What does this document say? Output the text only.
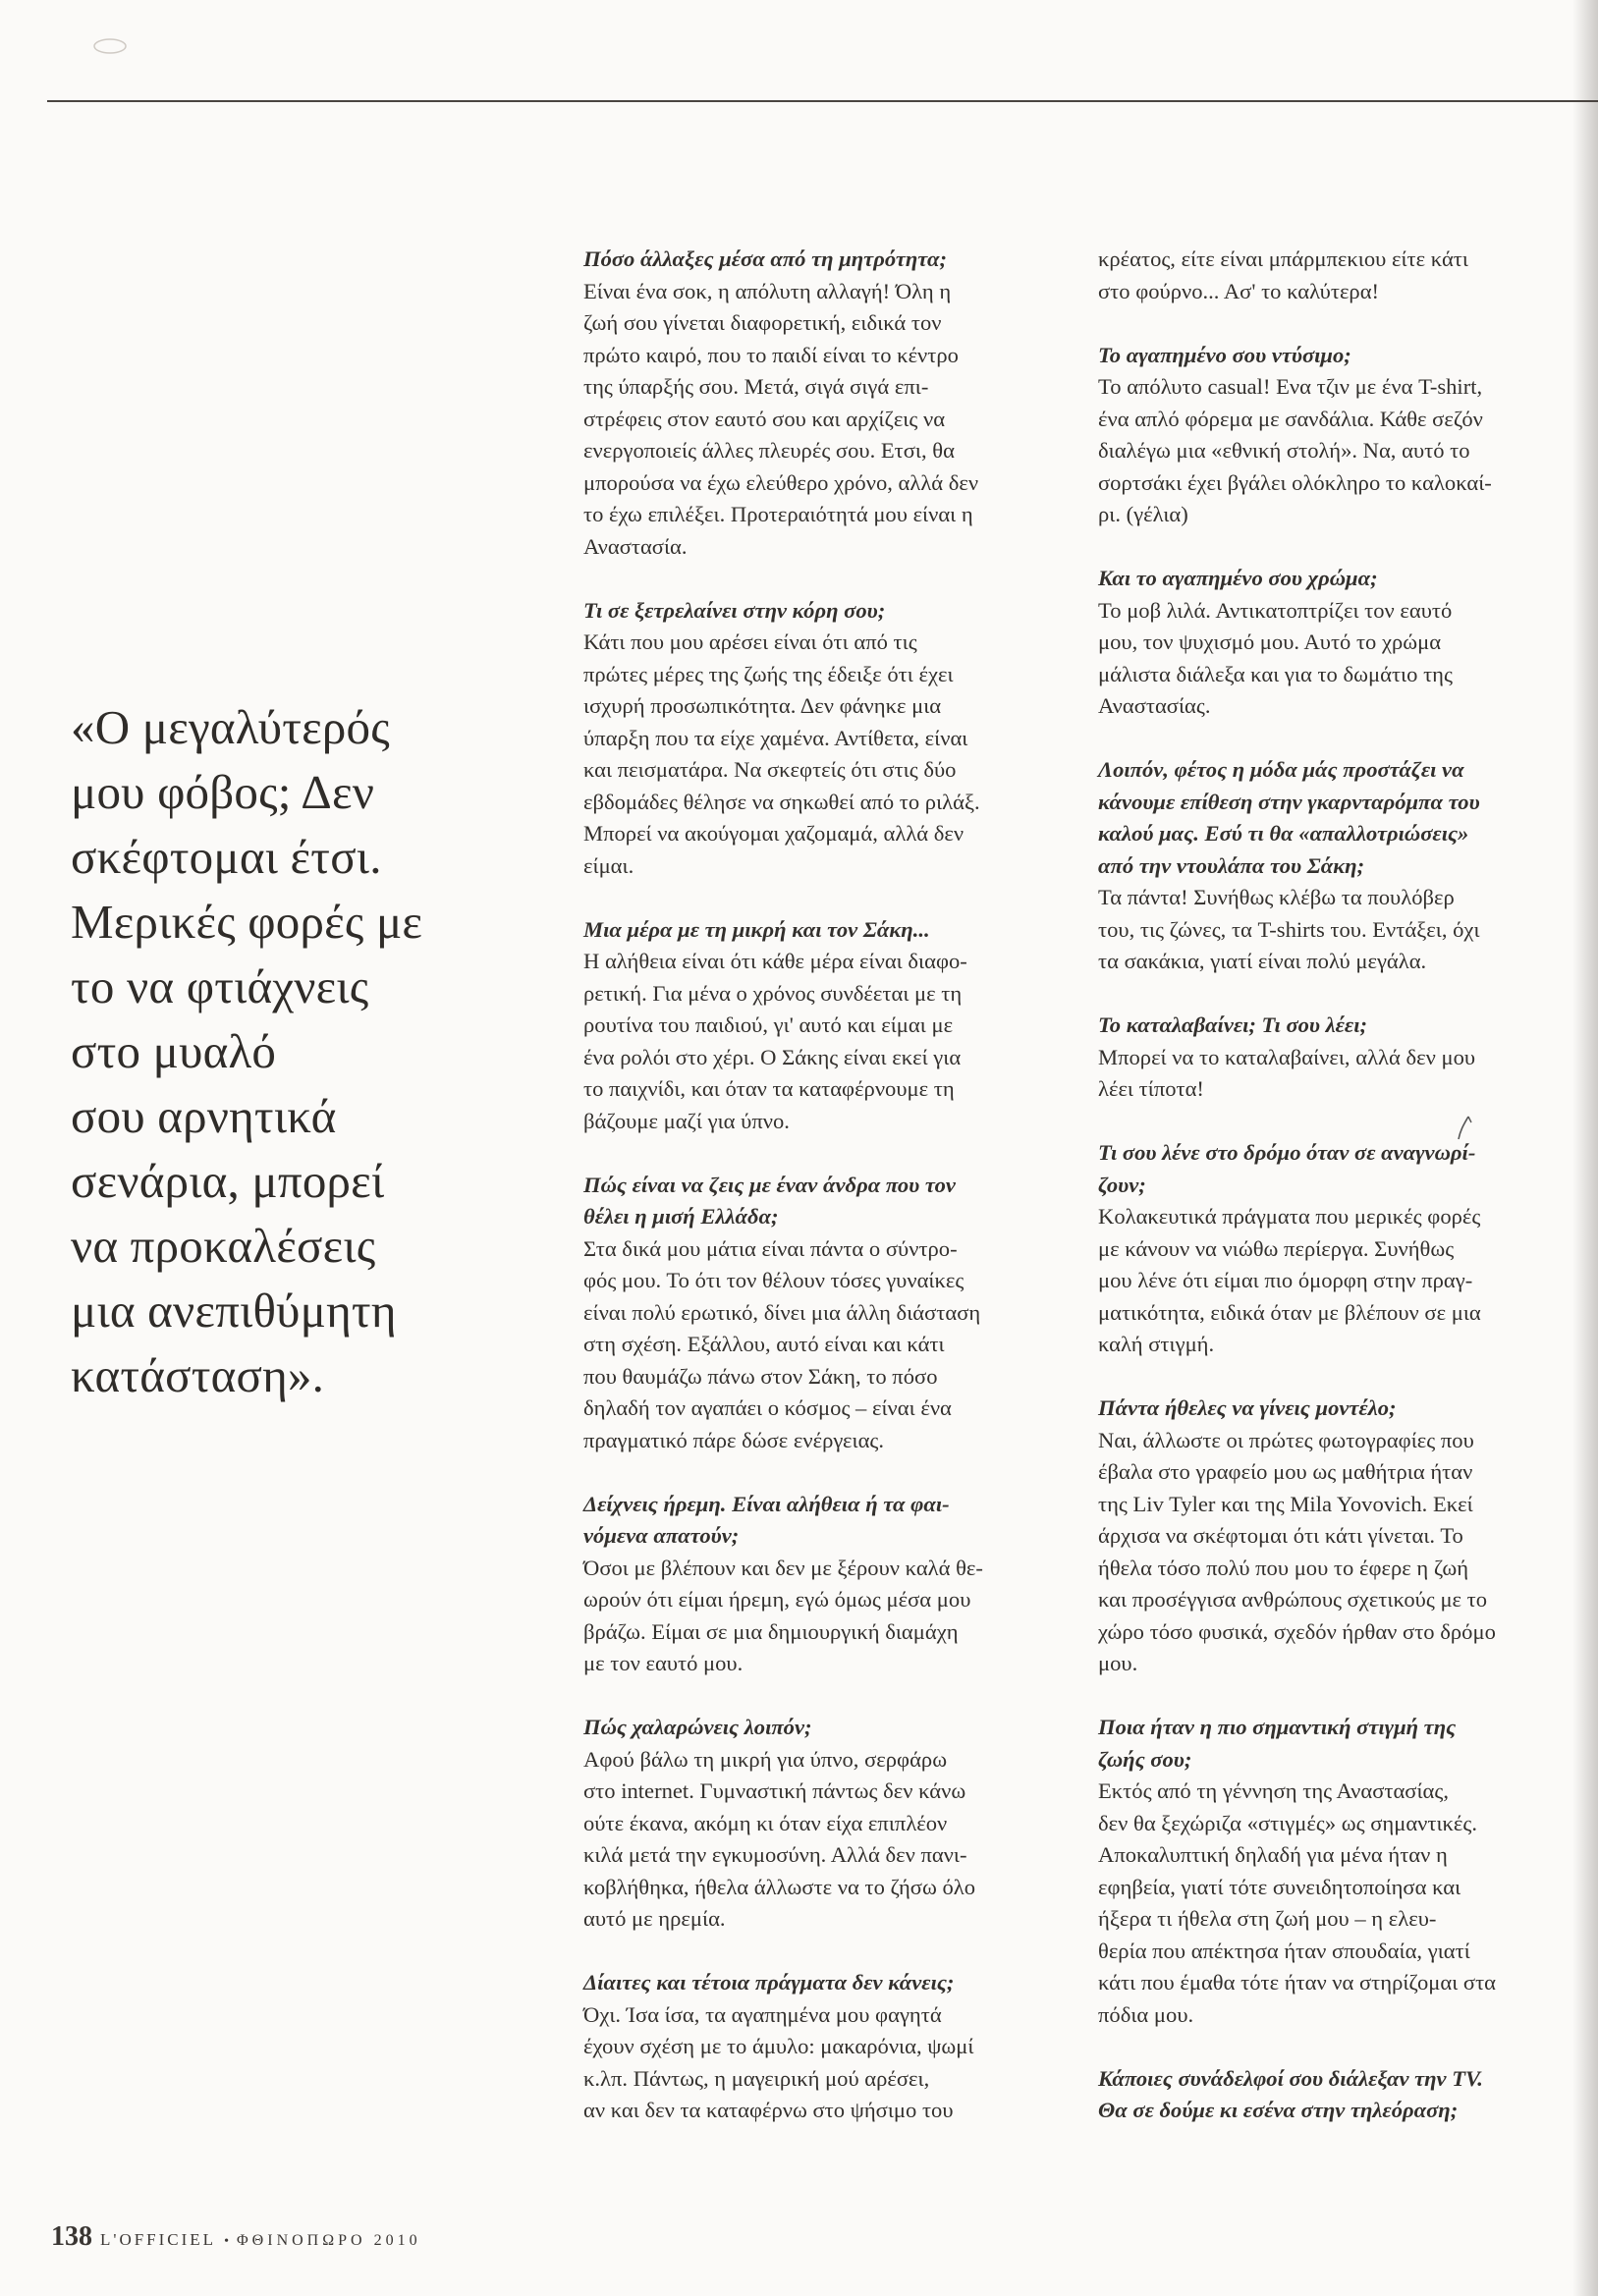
«Ο μεγαλύτερός
μου φόβος; Δεν
σκέφτομαι έτσι.
Μερικές φορές με
το να φτιάχνεις
στο μυαλό
σου αρνητικά
σενάρια, μπορεί
να προκαλέσεις
μια ανεπιθύμητη
κατάσταση».
Πόσο άλλαξες μέσα από τη μητρότητα;
Είναι ένα σοκ, η απόλυτη αλλαγή! Όλη η
ζωή σου γίνεται διαφορετική, ειδικά τον
πρώτο καιρό, που το παιδί είναι το κέντρο
της ύπαρξής σου. Μετά, σιγά σιγά επι-
στρέφεις στον εαυτό σου και αρχίζεις να
ενεργοποιείς άλλες πλευρές σου. Ετσι, θα
μπορούσα να έχω ελεύθερο χρόνο, αλλά δεν
το έχω επιλέξει. Προτεραιότητά μου είναι η
Αναστασία.
Τι σε ξετρελαίνει στην κόρη σου;
Κάτι που μου αρέσει είναι ότι από τις
πρώτες μέρες της ζωής της έδειξε ότι έχει
ισχυρή προσωπικότητα. Δεν φάνηκε μια
ύπαρξη που τα είχε χαμένα. Αντίθετα, είναι
και πεισματάρα. Να σκεφτείς ότι στις δύο
εβδομάδες θέλησε να σηκωθεί από το ριλάξ.
Μπορεί να ακούγομαι χαζομαμά, αλλά δεν
είμαι.
Μια μέρα με τη μικρή και τον Σάκη...
Η αλήθεια είναι ότι κάθε μέρα είναι διαφο-
ρετική. Για μένα ο χρόνος συνδέεται με τη
ρουτίνα του παιδιού, γι' αυτό και είμαι με
ένα ρολόι στο χέρι. Ο Σάκης είναι εκεί για
το παιχνίδι, και όταν τα καταφέρνουμε τη
βάζουμε μαζί για ύπνο.
Πώς είναι να ζεις με έναν άνδρα που τον
θέλει η μισή Ελλάδα;
Στα δικά μου μάτια είναι πάντα ο σύντρο-
φός μου. Το ότι τον θέλουν τόσες γυναίκες
είναι πολύ ερωτικό, δίνει μια άλλη διάσταση
στη σχέση. Εξάλλου, αυτό είναι και κάτι
που θαυμάζω πάνω στον Σάκη, το πόσο
δηλαδή τον αγαπάει ο κόσμος – είναι ένα
πραγματικό πάρε δώσε ενέργειας.
Δείχνεις ήρεμη. Είναι αλήθεια ή τα φαι-
νόμενα απατούν;
Όσοι με βλέπουν και δεν με ξέρουν καλά θε-
ωρούν ότι είμαι ήρεμη, εγώ όμως μέσα μου
βράζω. Είμαι σε μια δημιουργική διαμάχη
με τον εαυτό μου.
Πώς χαλαρώνεις λοιπόν;
Αφού βάλω τη μικρή για ύπνο, σερφάρω
στο internet. Γυμναστική πάντως δεν κάνω
ούτε έκανα, ακόμη κι όταν είχα επιπλέον
κιλά μετά την εγκυμοσύνη. Αλλά δεν πανι-
κοβλήθηκα, ήθελα άλλωστε να το ζήσω όλο
αυτό με ηρεμία.
Δίαιτες και τέτοια πράγματα δεν κάνεις;
Όχι. Ίσα ίσα, τα αγαπημένα μου φαγητά
έχουν σχέση με το άμυλο: μακαρόνια, ψωμί
κ.λπ. Πάντως, η μαγειρική μού αρέσει,
αν και δεν τα καταφέρνω στο ψήσιμο του
κρέατος, είτε είναι μπάρμπεκιου είτε κάτι
στο φούρνο... Ασ' το καλύτερα!
Το αγαπημένο σου ντύσιμο;
Το απόλυτο casual! Ενα τζιν με ένα T-shirt,
ένα απλό φόρεμα με σανδάλια. Κάθε σεζόν
διαλέγω μια «εθνική στολή». Να, αυτό το
σορτσάκι έχει βγάλει ολόκληρο το καλοκαί-
ρι. (γέλια)
Και το αγαπημένο σου χρώμα;
Το μοβ λιλά. Αντικατοπτρίζει τον εαυτό
μου, τον ψυχισμό μου. Αυτό το χρώμα
μάλιστα διάλεξα και για το δωμάτιο της
Αναστασίας.
Λοιπόν, φέτος η μόδα μάς προστάζει να
κάνουμε επίθεση στην γκαρνταρόμπα του
καλού μας. Εσύ τι θα «απαλλοτριώσεις»
από την ντουλάπα του Σάκη;
Τα πάντα! Συνήθως κλέβω τα πουλόβερ
του, τις ζώνες, τα T-shirts του. Εντάξει, όχι
τα σακάκια, γιατί είναι πολύ μεγάλα.
Το καταλαβαίνει; Τι σου λέει;
Μπορεί να το καταλαβαίνει, αλλά δεν μου
λέει τίποτα!
Τι σου λένε στο δρόμο όταν σε αναγνωρί-
ζουν;
Κολακευτικά πράγματα που μερικές φορές
με κάνουν να νιώθω περίεργα. Συνήθως
μου λένε ότι είμαι πιο όμορφη στην πραγ-
ματικότητα, ειδικά όταν με βλέπουν σε μια
καλή στιγμή.
Πάντα ήθελες να γίνεις μοντέλο;
Ναι, άλλωστε οι πρώτες φωτογραφίες που
έβαλα στο γραφείο μου ως μαθήτρια ήταν
της Liv Tyler και της Mila Yovovich. Εκεί
άρχισα να σκέφτομαι ότι κάτι γίνεται. Το
ήθελα τόσο πολύ που μου το έφερε η ζωή
και προσέγγισα ανθρώπους σχετικούς με το
χώρο τόσο φυσικά, σχεδόν ήρθαν στο δρόμο
μου.
Ποια ήταν η πιο σημαντική στιγμή της
ζωής σου;
Εκτός από τη γέννηση της Αναστασίας,
δεν θα ξεχώριζα «στιγμές» ως σημαντικές.
Αποκαλυπτική δηλαδή για μένα ήταν η
εφηβεία, γιατί τότε συνειδητοποίησα και
ήξερα τι ήθελα στη ζωή μου – η ελευ-
θερία που απέκτησα ήταν σπουδαία, γιατί
κάτι που έμαθα τότε ήταν να στηρίζομαι στα
πόδια μου.
Κάποιες συνάδελφοί σου διάλεξαν την TV.
Θα σε δούμε κι εσένα στην τηλεόραση;
138 L'OFFICIEL • ΦΘΙΝΟΠΩΡΟ 2010
